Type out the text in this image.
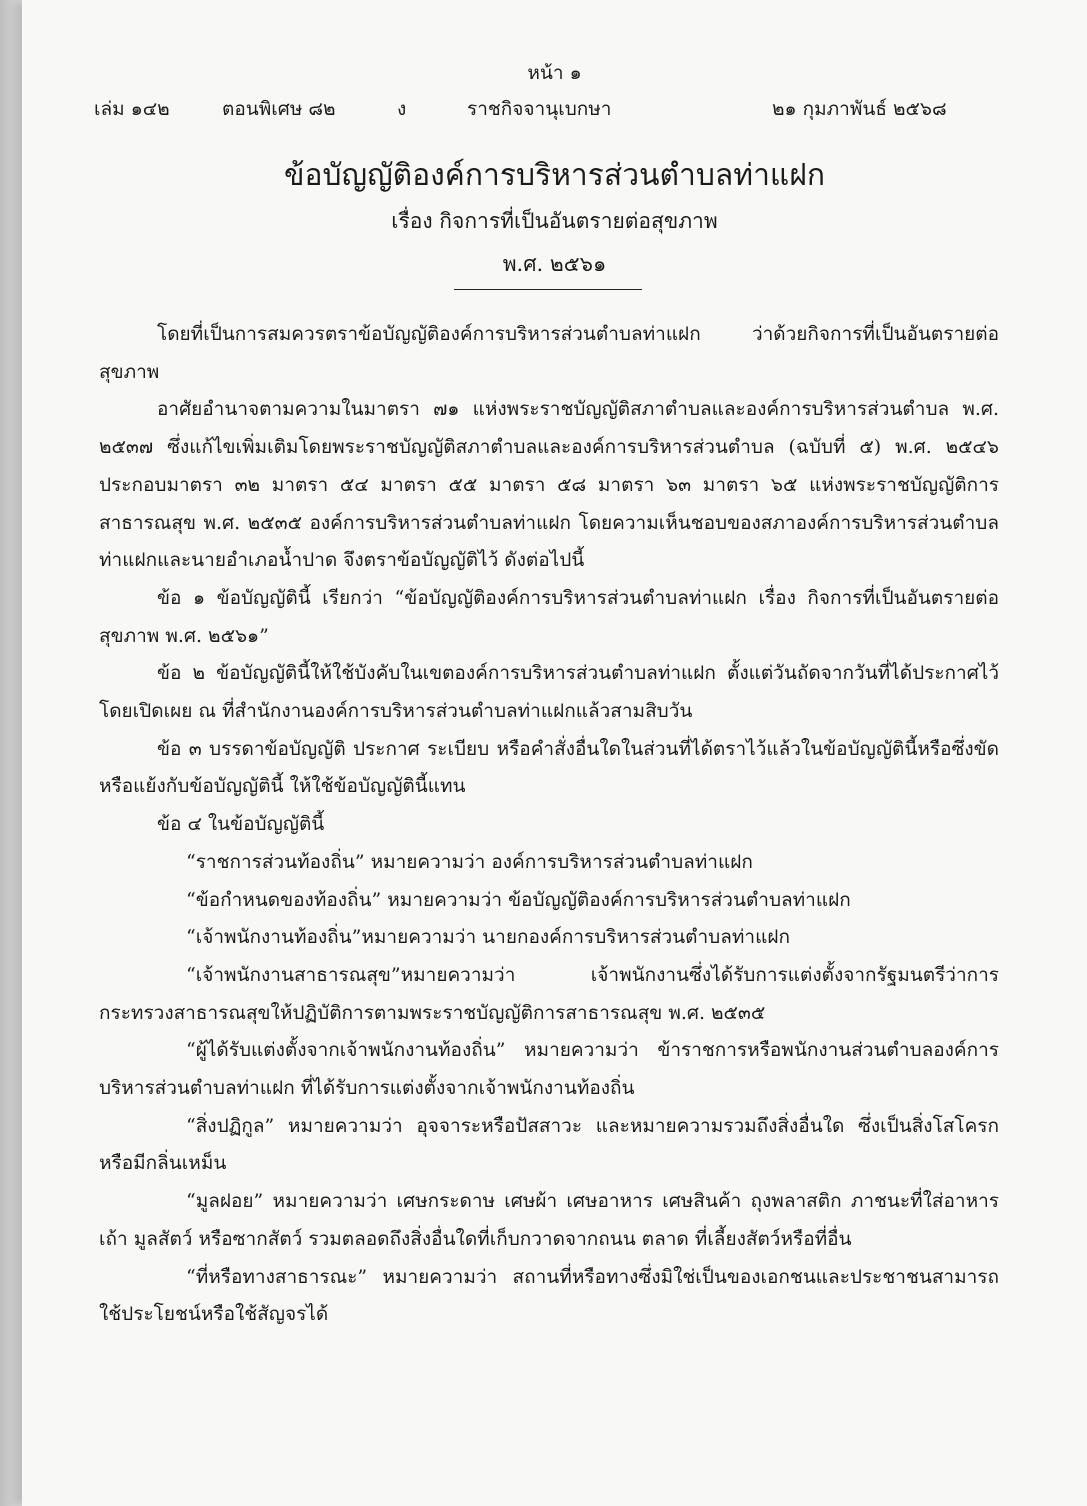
หน้า ๑
เล่ม ๑๔๒	ตอนพิเศษ ๘๒	ง	ราชกิจจานุเบกษา	๒๑ กุมภาพันธ์ ๒๕๖๘
ข้อบัญญัติองค์การบริหารส่วนตำบลท่าแฝก
เรื่อง กิจการที่เป็นอันตรายต่อสุขภาพ
พ.ศ. ๒๕๖๑

โดยที่เป็นการสมควรตราข้อบัญญัติองค์การบริหารส่วนตำบลท่าแฝก ว่าด้วยกิจการที่เป็นอันตรายต่อสุขภาพ

อาศัยอำนาจตามความในมาตรา ๗๑ แห่งพระราชบัญญัติสภาตำบลและองค์การบริหารส่วนตำบล พ.ศ. ๒๕๓๗ ซึ่งแก้ไขเพิ่มเติมโดยพระราชบัญญัติสภาตำบลและองค์การบริหารส่วนตำบล (ฉบับที่ ๕) พ.ศ. ๒๕๔๖ ประกอบมาตรา ๓๒ มาตรา ๕๔ มาตรา ๕๕ มาตรา ๕๘ มาตรา ๖๓ มาตรา ๖๕ แห่งพระราชบัญญัติการสาธารณสุข พ.ศ. ๒๕๓๕ องค์การบริหารส่วนตำบลท่าแฝก โดยความเห็นชอบของสภาองค์การบริหารส่วนตำบลท่าแฝกและนายอำเภอน้ำปาด จึงตราข้อบัญญัติไว้ ดังต่อไปนี้

ข้อ ๑ ข้อบัญญัตินี้ เรียกว่า “ข้อบัญญัติองค์การบริหารส่วนตำบลท่าแฝก เรื่อง กิจการที่เป็นอันตรายต่อสุขภาพ พ.ศ. ๒๕๖๑”

ข้อ ๒ ข้อบัญญัตินี้ให้ใช้บังคับในเขตองค์การบริหารส่วนตำบลท่าแฝก ตั้งแต่วันถัดจากวันที่ได้ประกาศไว้โดยเปิดเผย ณ ที่สำนักงานองค์การบริหารส่วนตำบลท่าแฝกแล้วสามสิบวัน

ข้อ ๓ บรรดาข้อบัญญัติ ประกาศ ระเบียบ หรือคำสั่งอื่นใดในส่วนที่ได้ตราไว้แล้วในข้อบัญญัตินี้หรือซึ่งขัดหรือแย้งกับข้อบัญญัตินี้ ให้ใช้ข้อบัญญัตินี้แทน

ข้อ ๔ ในข้อบัญญัตินี้

“ราชการส่วนท้องถิ่น” หมายความว่า องค์การบริหารส่วนตำบลท่าแฝก

“ข้อกำหนดของท้องถิ่น” หมายความว่า ข้อบัญญัติองค์การบริหารส่วนตำบลท่าแฝก

“เจ้าพนักงานท้องถิ่น”หมายความว่า นายกองค์การบริหารส่วนตำบลท่าแฝก

“เจ้าพนักงานสาธารณสุข”หมายความว่า เจ้าพนักงานซึ่งได้รับการแต่งตั้งจากรัฐมนตรีว่าการกระทรวงสาธารณสุขให้ปฏิบัติการตามพระราชบัญญัติการสาธารณสุข พ.ศ. ๒๕๓๕

“ผู้ได้รับแต่งตั้งจากเจ้าพนักงานท้องถิ่น” หมายความว่า ข้าราชการหรือพนักงานส่วนตำบลองค์การบริหารส่วนตำบลท่าแฝก ที่ได้รับการแต่งตั้งจากเจ้าพนักงานท้องถิ่น

“สิ่งปฏิกูล” หมายความว่า อุจจาระหรือปัสสาวะ และหมายความรวมถึงสิ่งอื่นใด ซึ่งเป็นสิ่งโสโครกหรือมีกลิ่นเหม็น

“มูลฝอย” หมายความว่า เศษกระดาษ เศษผ้า เศษอาหาร เศษสินค้า ถุงพลาสติก ภาชนะที่ใส่อาหาร เถ้า มูลสัตว์ หรือซากสัตว์ รวมตลอดถึงสิ่งอื่นใดที่เก็บกวาดจากถนน ตลาด ที่เลี้ยงสัตว์หรือที่อื่น

“ที่หรือทางสาธารณะ” หมายความว่า สถานที่หรือทางซึ่งมิใช่เป็นของเอกชนและประชาชนสามารถใช้ประโยชน์หรือใช้สัญจรได้
